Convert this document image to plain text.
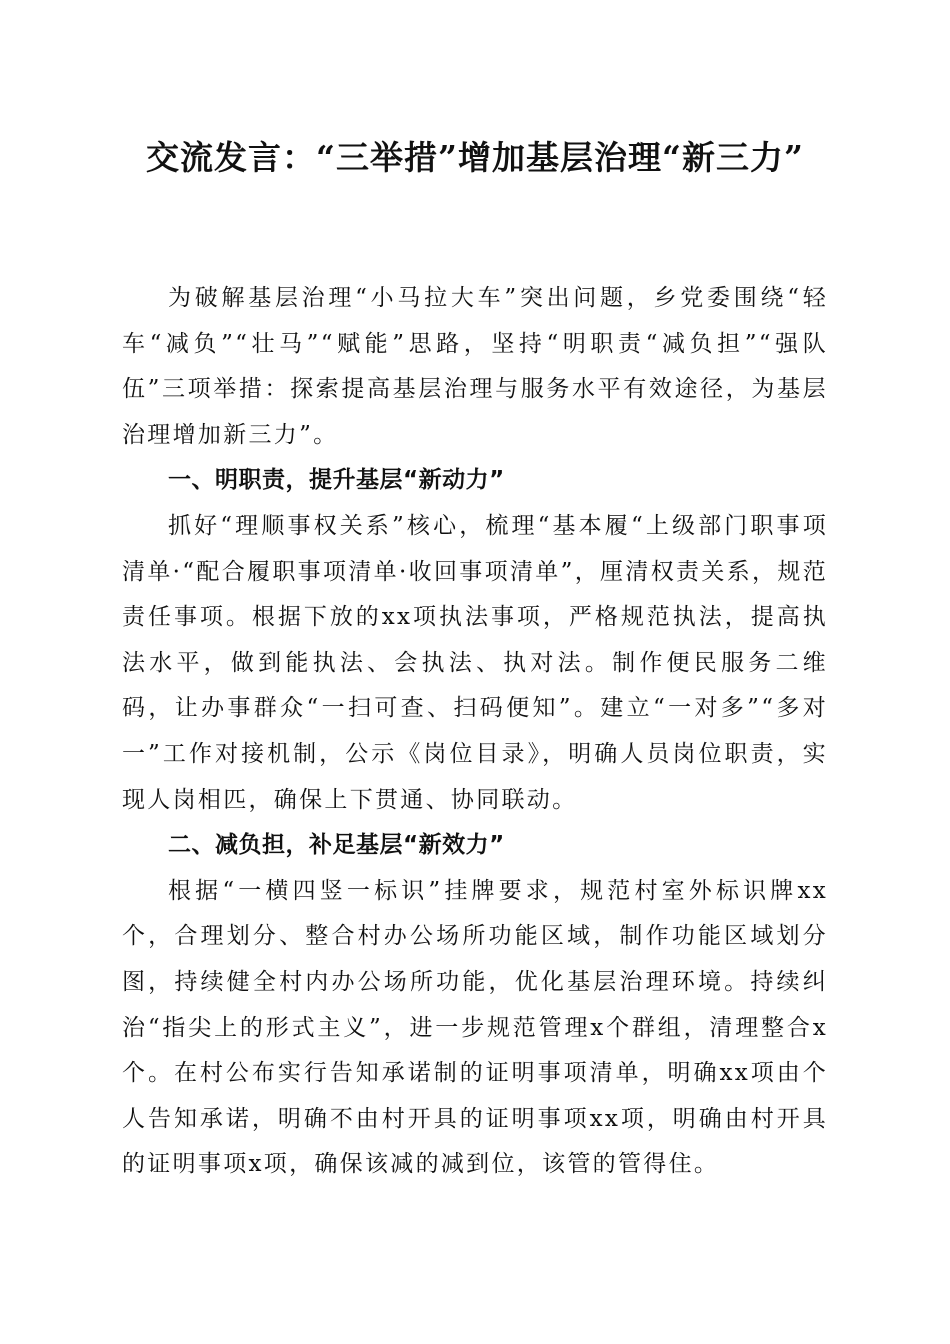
交流发言：“三举措”增加基层治理“新三力”

为破解基层治理“小马拉大车”突出问题，乡党委围绕“轻车“减负”“壮马”“赋能”思路，坚持“明职责“减负担”“强队伍”三项举措：探索提高基层治理与服务水平有效途径，为基层治理增加新三力”。

一、明职责，提升基层“新动力”

抓好“理顺事权关系”核心，梳理“基本履“上级部门职事项清单·“配合履职事项清单·收回事项清单”，厘清权责关系，规范责任事项。根据下放的xx项执法事项，严格规范执法，提高执法水平，做到能执法、会执法、执对法。制作便民服务二维码，让办事群众“一扫可查、扫码便知”。建立“一对多”“多对一”工作对接机制，公示《岗位目录》，明确人员岗位职责，实现人岗相匹，确保上下贯通、协同联动。

二、减负担，补足基层“新效力”

根据“一横四竖一标识”挂牌要求，规范村室外标识牌xx个，合理划分、整合村办公场所功能区域，制作功能区域划分图，持续健全村内办公场所功能，优化基层治理环境。持续纠治“指尖上的形式主义”，进一步规范管理x个群组，清理整合x个。在村公布实行告知承诺制的证明事项清单，明确xx项由个人告知承诺，明确不由村开具的证明事项xx项，明确由村开具的证明事项x项，确保该减的减到位，该管的管得住。
